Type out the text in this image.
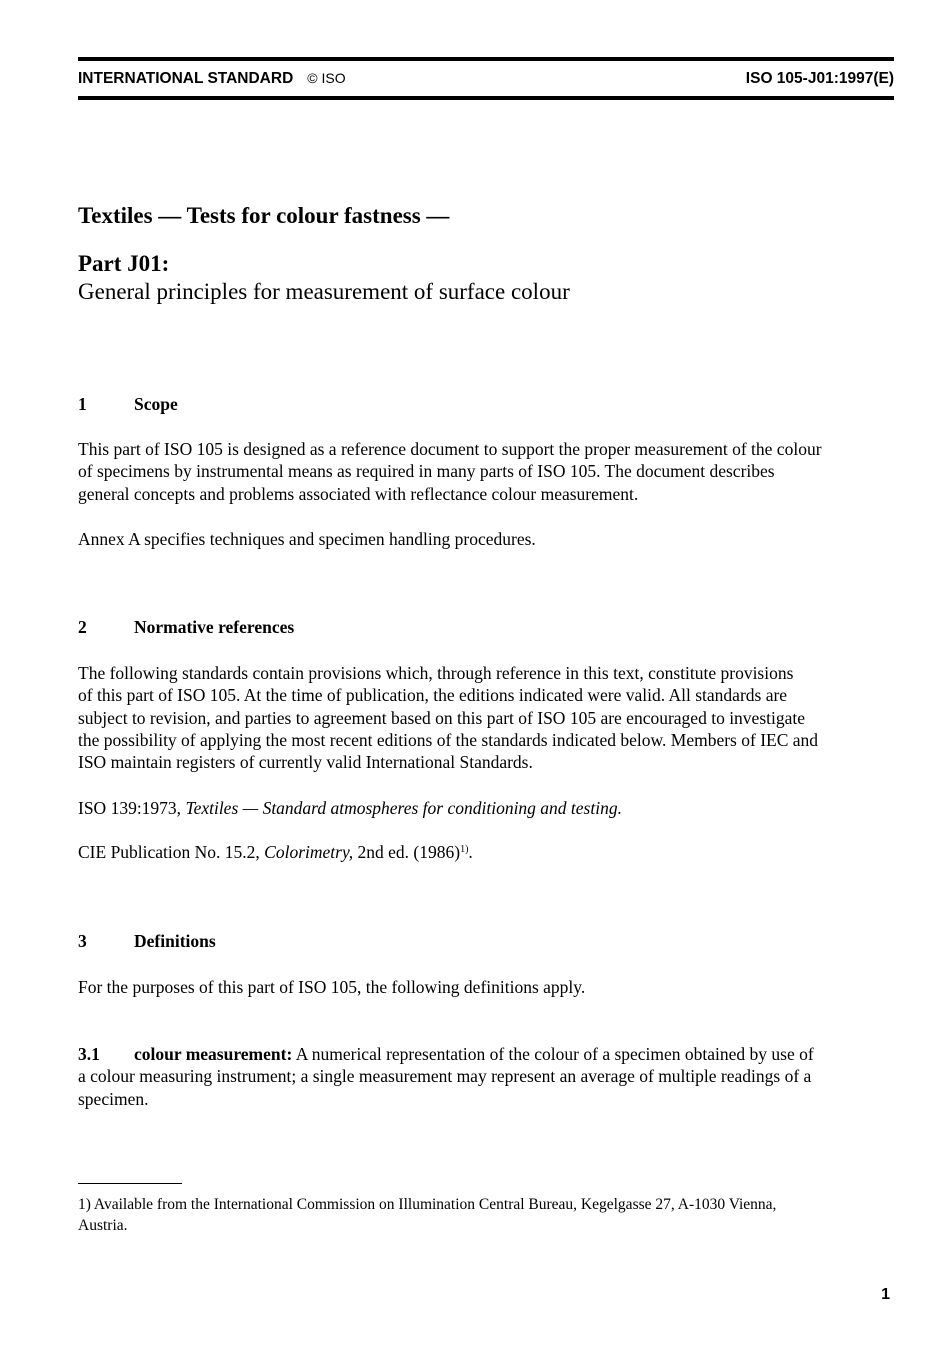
INTERNATIONAL STANDARD © ISO	ISO 105-J01:1997(E)
Textiles — Tests for colour fastness —
Part J01:
General principles for measurement of surface colour
1	Scope
This part of ISO 105 is designed as a reference document to support the proper measurement of the colour
of specimens by instrumental means as required in many parts of ISO 105. The document describes
general concepts and problems associated with reflectance colour measurement.
Annex A specifies techniques and specimen handling procedures.
2	Normative references
The following standards contain provisions which, through reference in this text, constitute provisions
of this part of ISO 105. At the time of publication, the editions indicated were valid. All standards are
subject to revision, and parties to agreement based on this part of ISO 105 are encouraged to investigate
the possibility of applying the most recent editions of the standards indicated below. Members of IEC and
ISO maintain registers of currently valid International Standards.
ISO 139:1973, Textiles — Standard atmospheres for conditioning and testing.
CIE Publication No. 15.2, Colorimetry, 2nd ed. $(1986)^{1)}$.
3	Definitions
For the purposes of this part of ISO 105, the following definitions apply.
3.1 colour measurement: A numerical representation of the colour of a specimen obtained by use of
a colour measuring instrument; a single measurement may represent an average of multiple readings of a
specimen.
1) Available from the International Commission on Illumination Central Bureau, Kegelgasse 27, A-1030 Vienna,
Austria.
1
